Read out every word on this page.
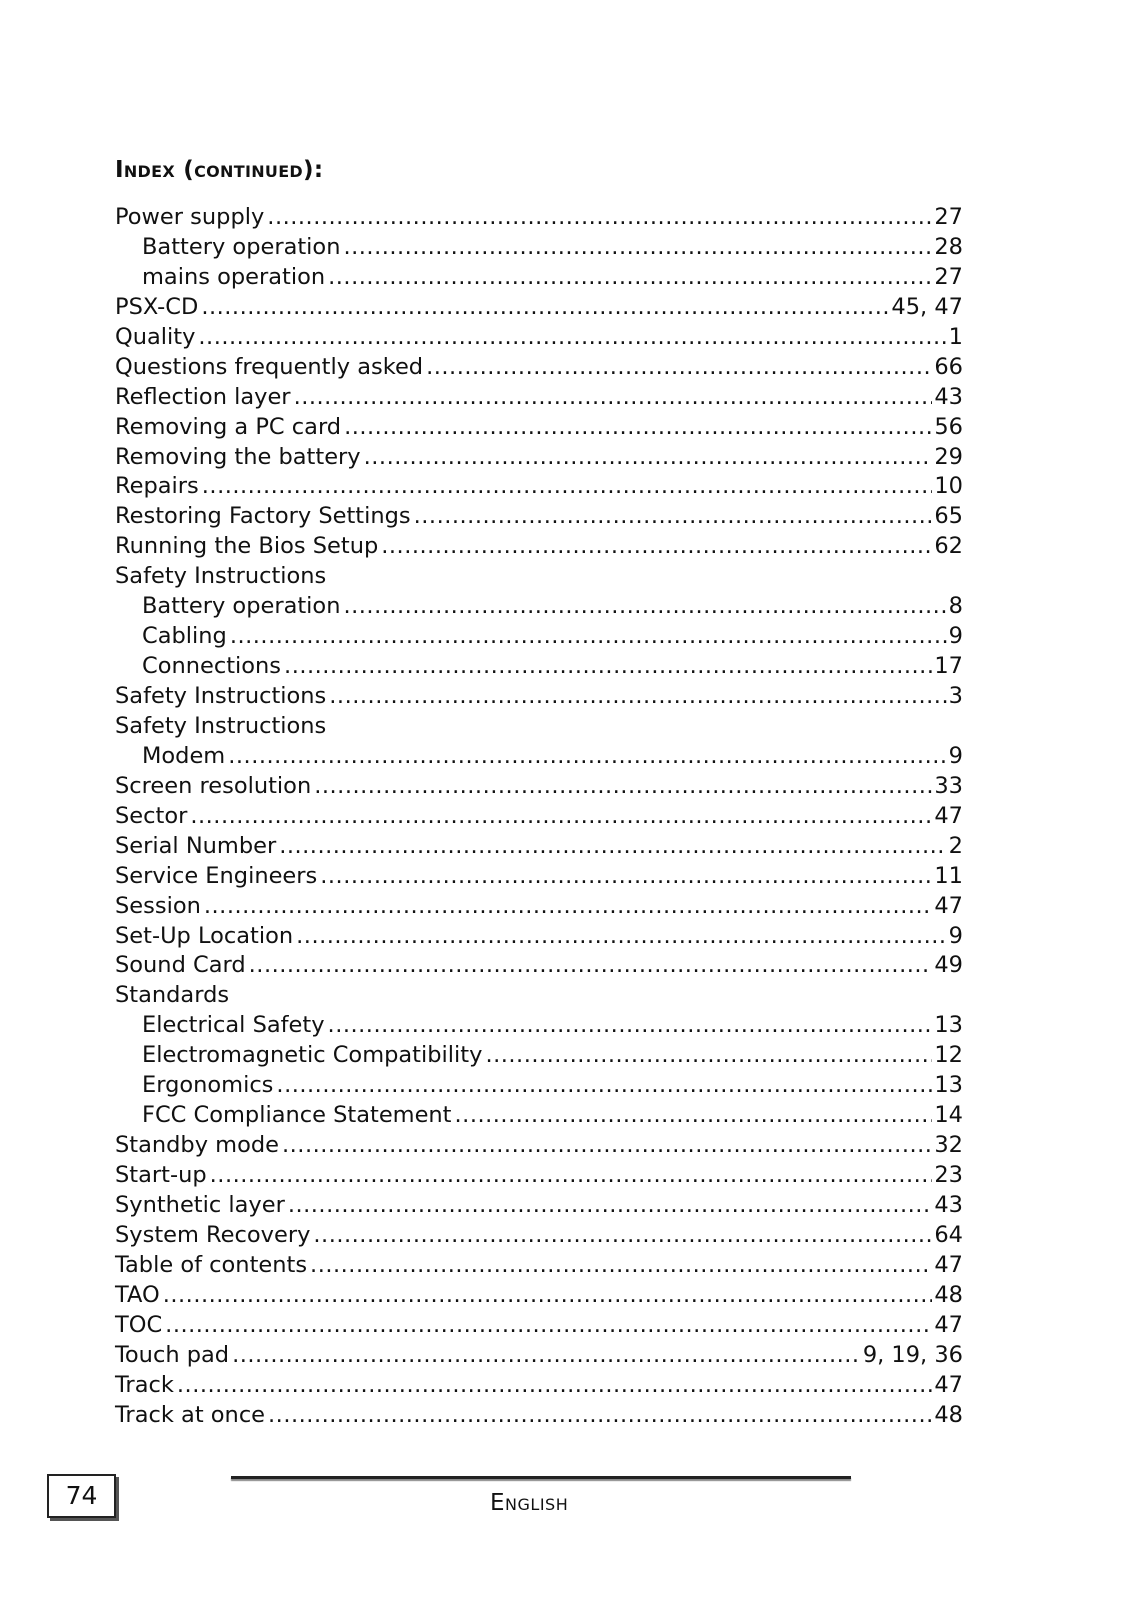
Index (continued):
Power supply .....	27
Battery operation .....	28
mains operation .....	27
PSX-CD .....	45, 47
Quality .....	1
Questions frequently asked .....	66
Reflection layer .....	43
Removing a PC card .....	56
Removing the battery .....	29
Repairs .....	10
Restoring Factory Settings .....	65
Running the Bios Setup .....	62
Safety Instructions
Battery operation .....	8
Cabling .....	9
Connections .....	17
Safety Instructions .....	3
Safety Instructions
Modem .....	9
Screen resolution .....	33
Sector .....	47
Serial Number .....	2
Service Engineers .....	11
Session .....	47
Set-Up Location .....	9
Sound Card .....	49
Standards
Electrical Safety .....	13
Electromagnetic Compatibility .....	12
Ergonomics .....	13
FCC Compliance Statement .....	14
Standby mode .....	32
Start-up .....	23
Synthetic layer .....	43
System Recovery .....	64
Table of contents .....	47
TAO .....	48
TOC .....	47
Touch pad .....	9, 19, 36
Track .....	47
Track at once .....	48
74	English
